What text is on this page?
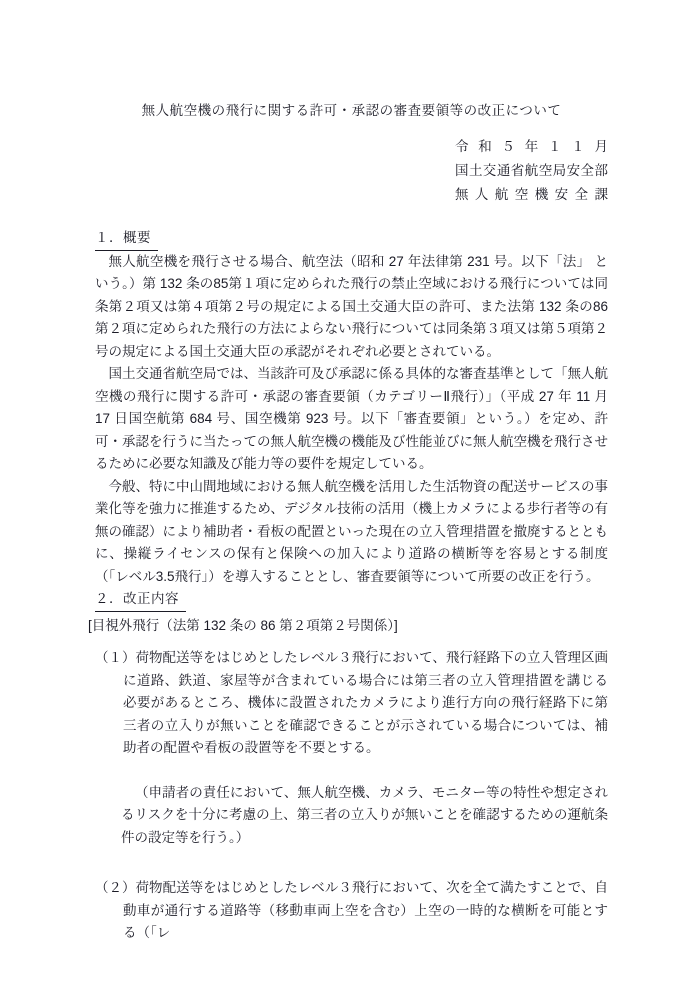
無人航空機の飛行に関する許可・承認の審査要領等の改正について
令和５年１１月
国土交通省航空局安全部
無人航空機安全課
１．概要

無人航空機を飛行させる場合、航空法（昭和 27 年法律第 231 号。以下「法」 という。）第 132 条の85第１項に定められた飛行の禁止空域における飛行については同条第２項又は第４項第２号の規定による国土交通大臣の許可、また法第 132 条の86第２項に定められた飛行の方法によらない飛行については同条第３項又は第５項第２号の規定による国土交通大臣の承認がそれぞれ必要とされている。

国土交通省航空局では、当該許可及び承認に係る具体的な審査基準として「無人航空機の飛行に関する許可・承認の審査要領（カテゴリーⅡ飛行）」（平成 27 年 11 月 17 日国空航第 684 号、国空機第 923 号。以下「審査要領」という。）を定め、許可・承認を行うに当たっての無人航空機の機能及び性能並びに無人航空機を飛行させるために必要な知識及び能力等の要件を規定している。

今般、特に中山間地域における無人航空機を活用した生活物資の配送サービスの事業化等を強力に推進するため、デジタル技術の活用（機上カメラによる歩行者等の有無の確認）により補助者・看板の配置といった現在の立入管理措置を撤廃するとともに、操縦ライセンスの保有と保険への加入により道路の横断等を容易とする制度（「レベル3.5飛行」）を導入することとし、審査要領等について所要の改正を行う。

２．改正内容
[目視外飛行（法第 132 条の 86 第２項第２号関係）]

（１）荷物配送等をはじめとしたレベル３飛行において、飛行経路下の立入管理区画に道路、鉄道、家屋等が含まれている場合には第三者の立入管理措置を講じる必要があるところ、機体に設置されたカメラにより進行方向の飛行経路下に第三者の立入りが無いことを確認できることが示されている場合については、補助者の配置や看板の設置等を不要とする。

（申請者の責任において、無人航空機、カメラ、モニター等の特性や想定されるリスクを十分に考慮の上、第三者の立入りが無いことを確認するための運航条件の設定等を行う。）

（２）荷物配送等をはじめとしたレベル３飛行において、次を全て満たすことで、自動車が通行する道路等（移動車両上空を含む）上空の一時的な横断を可能とする（「レ
